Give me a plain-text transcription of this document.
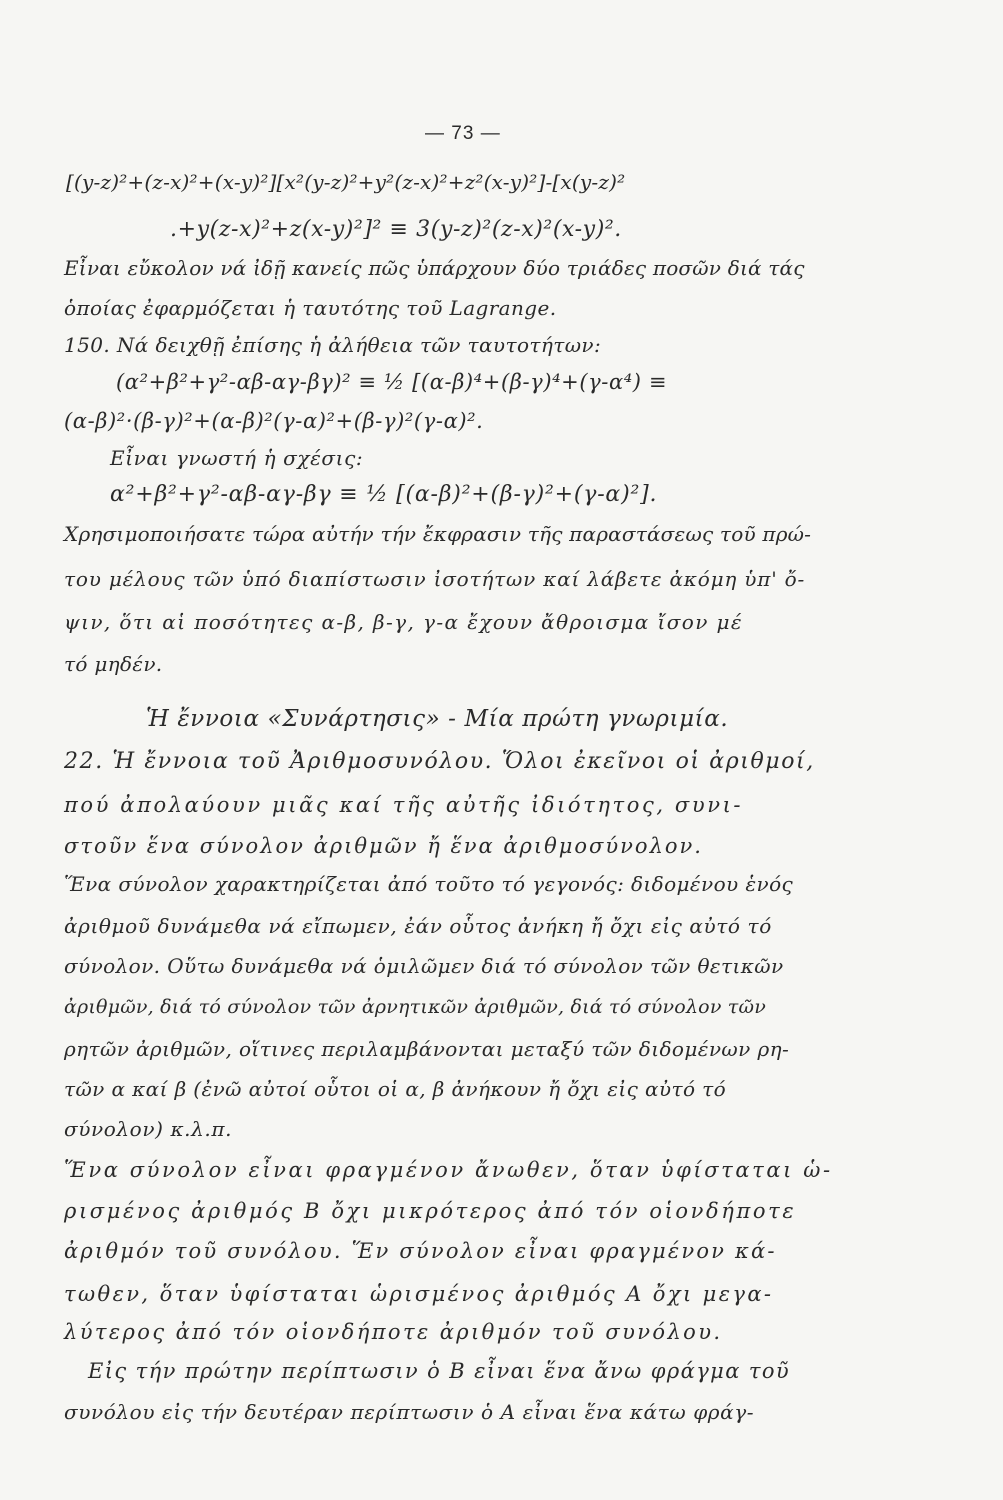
— 73 —
[(y-z)²+(z-x)²+(x-y)²][x²(y-z)²+y²(z-x)²+z²(x-y)²]-[x(y-z)²
.+y(z-x)²+z(x-y)²]² ≡ 3(y-z)²(z-x)²(x-y)².
Εἶναι εὔκολον νά ἰδῇ κανείς πῶς ὑπάρχουν δύο τριάδες ποσῶν διά τάς
ὁποίας ἐφαρμόζεται ἡ ταυτότης τοῦ Lagrange.
150. Νά δειχθῇ ἐπίσης ἡ ἀλήθεια τῶν ταυτοτήτων:
(α²+β²+γ²-αβ-αγ-βγ)² ≡ ½ [(α-β)⁴+(β-γ)⁴+(γ-α⁴) ≡
(α-β)²·(β-γ)²+(α-β)²(γ-α)²+(β-γ)²(γ-α)².
Εἶναι γνωστή ἡ σχέσις:
α²+β²+γ²-αβ-αγ-βγ ≡ ½ [(α-β)²+(β-γ)²+(γ-α)²].
Χρησιμοποιήσατε τώρα αὐτήν τήν ἔκφρασιν τῆς παραστάσεως τοῦ πρώ-
του μέλους τῶν ὑπό διαπίστωσιν ἰσοτήτων καί λάβετε ἀκόμη ὑπ' ὄ-
ψιν, ὅτι αἱ ποσότητες α-β, β-γ, γ-α ἔχουν ἄθροισμα ἴσον μέ
τό μηδέν.
Ἡ ἔννοια «Συνάρτησις» - Μία πρώτη γνωριμία.
22. Ἡ ἔννοια τοῦ Ἀριθμοσυνόλου. Ὅλοι ἐκεῖνοι οἱ ἀριθμοί,
πού ἀπολαύουν μιᾶς καί τῆς αὐτῆς ἰδιότητος, συνι-
στοῦν ἕνα σύνολον ἀριθμῶν ἤ ἕνα ἀριθμοσύνολον.
Ἕνα σύνολον χαρακτηρίζεται ἀπό τοῦτο τό γεγονός: διδομένου ἑνός
ἀριθμοῦ δυνάμεθα νά εἴπωμεν, ἐάν οὗτος ἀνήκη ἤ ὄχι εἰς αὐτό τό
σύνολον. Οὕτω δυνάμεθα νά ὁμιλῶμεν διά τό σύνολον τῶν θετικῶν
ἀριθμῶν, διά τό σύνολον τῶν ἀρνητικῶν ἀριθμῶν, διά τό σύνολον τῶν
ρητῶν ἀριθμῶν, οἵτινες περιλαμβάνονται μεταξύ τῶν διδομένων ρη-
τῶν α καί β (ἐνῶ αὐτοί οὗτοι οἱ α, β ἀνήκουν ἤ ὄχι εἰς αὐτό τό
σύνολον) κ.λ.π.
Ἕνα σύνολον εἶναι φραγμένον ἄνωθεν, ὅταν ὑφίσταται ὡ-
ρισμένος ἀριθμός Β ὄχι μικρότερος ἀπό τόν οἱονδήποτε
ἀριθμόν τοῦ συνόλου. Ἕν σύνολον εἶναι φραγμένον κά-
τωθεν, ὅταν ὑφίσταται ὡρισμένος ἀριθμός Α ὄχι μεγα-
λύτερος ἀπό τόν οἱονδήποτε ἀριθμόν τοῦ συνόλου.
Εἰς τήν πρώτην περίπτωσιν ὁ Β εἶναι ἕνα ἄνω φράγμα τοῦ
συνόλου εἰς τήν δευτέραν περίπτωσιν ὁ Α εἶναι ἕνα κάτω φράγ-
